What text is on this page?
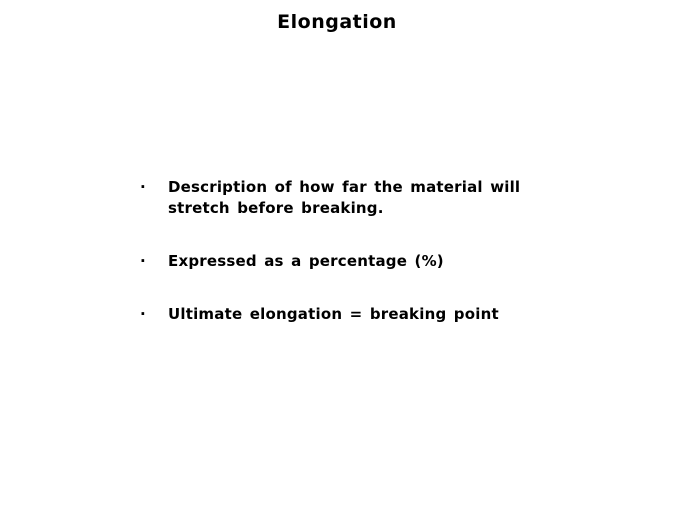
Elongation
·	Description of how far the material will stretch before breaking.
·	Expressed as a percentage (%)
·	Ultimate elongation = breaking point
